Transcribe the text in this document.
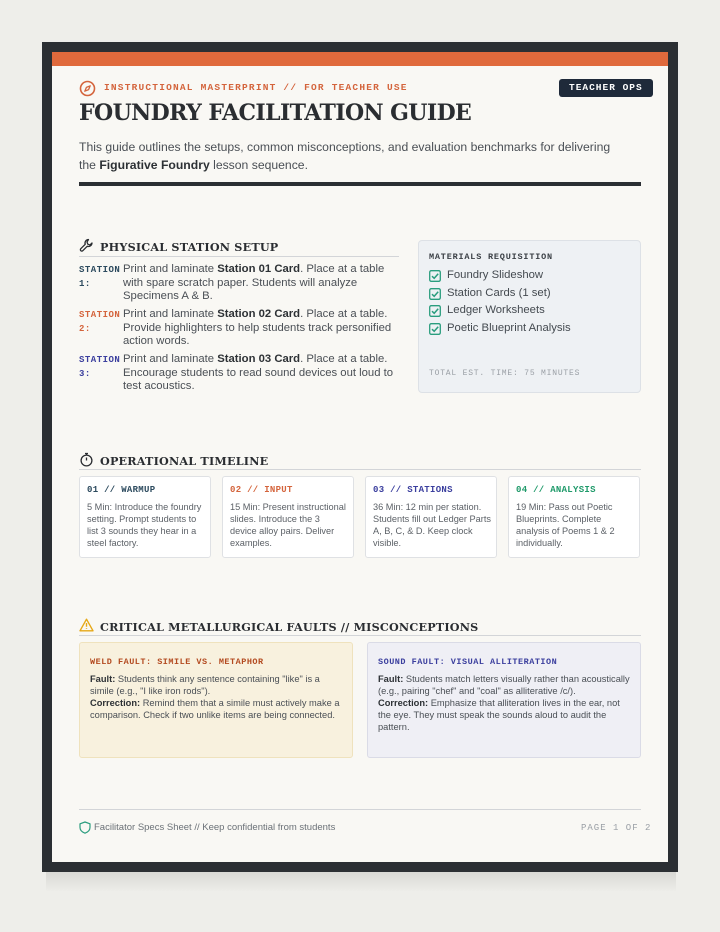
INSTRUCTIONAL MASTERPRINT // FOR TEACHER USE	TEACHER OPS
FOUNDRY FACILITATION GUIDE
This guide outlines the setups, common misconceptions, and evaluation benchmarks for delivering the Figurative Foundry lesson sequence.
PHYSICAL STATION SETUP
STATION
1:
Print and laminate Station 01 Card. Place at a table with spare scratch paper. Students will analyze Specimens A & B.
STATION
2:
Print and laminate Station 02 Card. Place at a table. Provide highlighters to help students track personified action words.
STATION
3:
Print and laminate Station 03 Card. Place at a table. Encourage students to read sound devices out loud to test acoustics.
MATERIALS REQUISITION
Foundry Slideshow
Station Cards (1 set)
Ledger Worksheets
Poetic Blueprint Analysis
TOTAL EST. TIME: 75 MINUTES
OPERATIONAL TIMELINE
01 // WARMUP
5 Min: Introduce the foundry setting. Prompt students to list 3 sounds they hear in a steel factory.
02 // INPUT
15 Min: Present instructional slides. Introduce the 3 device alloy pairs. Deliver examples.
03 // STATIONS
36 Min: 12 min per station. Students fill out Ledger Parts A, B, C, & D. Keep clock visible.
04 // ANALYSIS
19 Min: Pass out Poetic Blueprints. Complete analysis of Poems 1 & 2 individually.
CRITICAL METALLURGICAL FAULTS // MISCONCEPTIONS
WELD FAULT: SIMILE VS. METAPHOR
Fault: Students think any sentence containing "like" is a simile (e.g., "I like iron rods").
Correction: Remind them that a simile must actively make a comparison. Check if two unlike items are being connected.
SOUND FAULT: VISUAL ALLITERATION
Fault: Students match letters visually rather than acoustically (e.g., pairing "chef" and "coal" as alliterative /c/).
Correction: Emphasize that alliteration lives in the ear, not the eye. They must speak the sounds aloud to audit the pattern.
Facilitator Specs Sheet // Keep confidential from students	PAGE 1 OF 2
